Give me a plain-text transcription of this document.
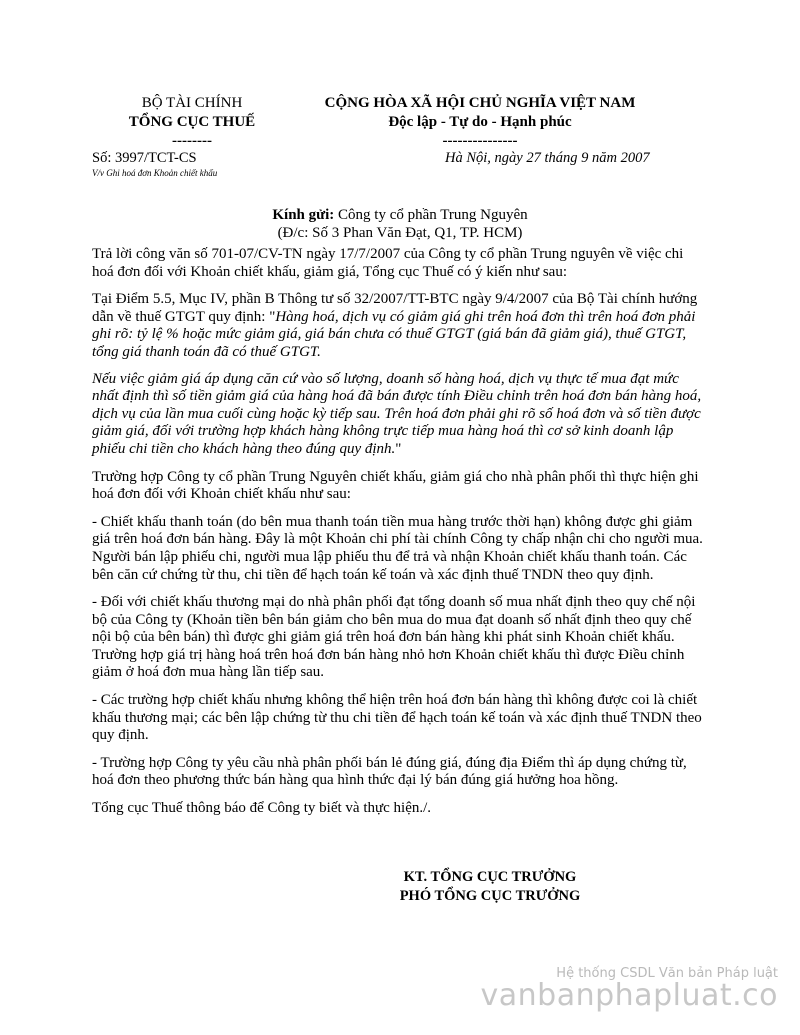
BỘ TÀI CHÍNH
TỔNG CỤC THUẾ
--------
CỘNG HÒA XÃ HỘI CHỦ NGHĨA VIỆT NAM
Độc lập - Tự do - Hạnh phúc
---------------
Số: 3997/TCT-CS
V/v Ghi hoá đơn Khoản chiết khấu
Hà Nội, ngày 27 tháng 9 năm 2007
Kính gửi: Công ty cổ phần Trung Nguyên
(Đ/c: Số 3 Phan Văn Đạt, Q1, TP. HCM)

Trả lời công văn số 701-07/CV-TN ngày 17/7/2007 của Công ty cổ phần Trung nguyên về việc chi hoá đơn đối với Khoản chiết khấu, giảm giá, Tổng cục Thuế có ý kiến như sau:

Tại Điểm 5.5, Mục IV, phần B Thông tư số 32/2007/TT-BTC ngày 9/4/2007 của Bộ Tài chính hướng dẫn về thuế GTGT quy định: "Hàng hoá, dịch vụ có giảm giá ghi trên hoá đơn thì trên hoá đơn phải ghi rõ: tỷ lệ % hoặc mức giảm giá, giá bán chưa có thuế GTGT (giá bán đã giảm giá), thuế GTGT, tổng giá thanh toán đã có thuế GTGT.

Nếu việc giảm giá áp dụng căn cứ vào số lượng, doanh số hàng hoá, dịch vụ thực tế mua đạt mức nhất định thì số tiền giảm giá của hàng hoá đã bán được tính Điều chỉnh trên hoá đơn bán hàng hoá, dịch vụ của lần mua cuối cùng hoặc kỳ tiếp sau. Trên hoá đơn phải ghi rõ số hoá đơn và số tiền được giảm giá, đối với trường hợp khách hàng không trực tiếp mua hàng hoá thì cơ sở kinh doanh lập phiếu chi tiền cho khách hàng theo đúng quy định."

Trường hợp Công ty cổ phần Trung Nguyên chiết khấu, giảm giá cho nhà phân phối thì thực hiện ghi hoá đơn đối với Khoản chiết khấu như sau:

- Chiết khấu thanh toán (do bên mua thanh toán tiền mua hàng trước thời hạn) không được ghi giảm giá trên hoá đơn bán hàng. Đây là một Khoản chi phí tài chính Công ty chấp nhận chi cho người mua. Người bán lập phiếu chi, người mua lập phiếu thu để trả và nhận Khoản chiết khấu thanh toán. Các bên căn cứ chứng từ thu, chi tiền để hạch toán kế toán và xác định thuế TNDN theo quy định.

- Đối với chiết khấu thương mại do nhà phân phối đạt tổng doanh số mua nhất định theo quy chế nội bộ của Công ty (Khoản tiền bên bán giảm cho bên mua do mua đạt doanh số nhất định theo quy chế nội bộ của bên bán) thì được ghi giảm giá trên hoá đơn bán hàng khi phát sinh Khoản chiết khấu. Trường hợp giá trị hàng hoá trên hoá đơn bán hàng nhỏ hơn Khoản chiết khấu thì được Điều chỉnh giảm ở hoá đơn mua hàng lần tiếp sau.

- Các trường hợp chiết khấu nhưng không thể hiện trên hoá đơn bán hàng thì không được coi là chiết khấu thương mại; các bên lập chứng từ thu chi tiền để hạch toán kế toán và xác định thuế TNDN theo quy định.

- Trường hợp Công ty yêu cầu nhà phân phối bán lẻ đúng giá, đúng địa Điểm thì áp dụng chứng từ, hoá đơn theo phương thức bán hàng qua hình thức đại lý bán đúng giá hưởng hoa hồng.

Tổng cục Thuế thông báo để Công ty biết và thực hiện./.

KT. TỔNG CỤC TRƯỞNG
PHÓ TỔNG CỤC TRƯỞNG
Hệ thống CSDL Văn bản Pháp luật
vanbanphapluat.co
